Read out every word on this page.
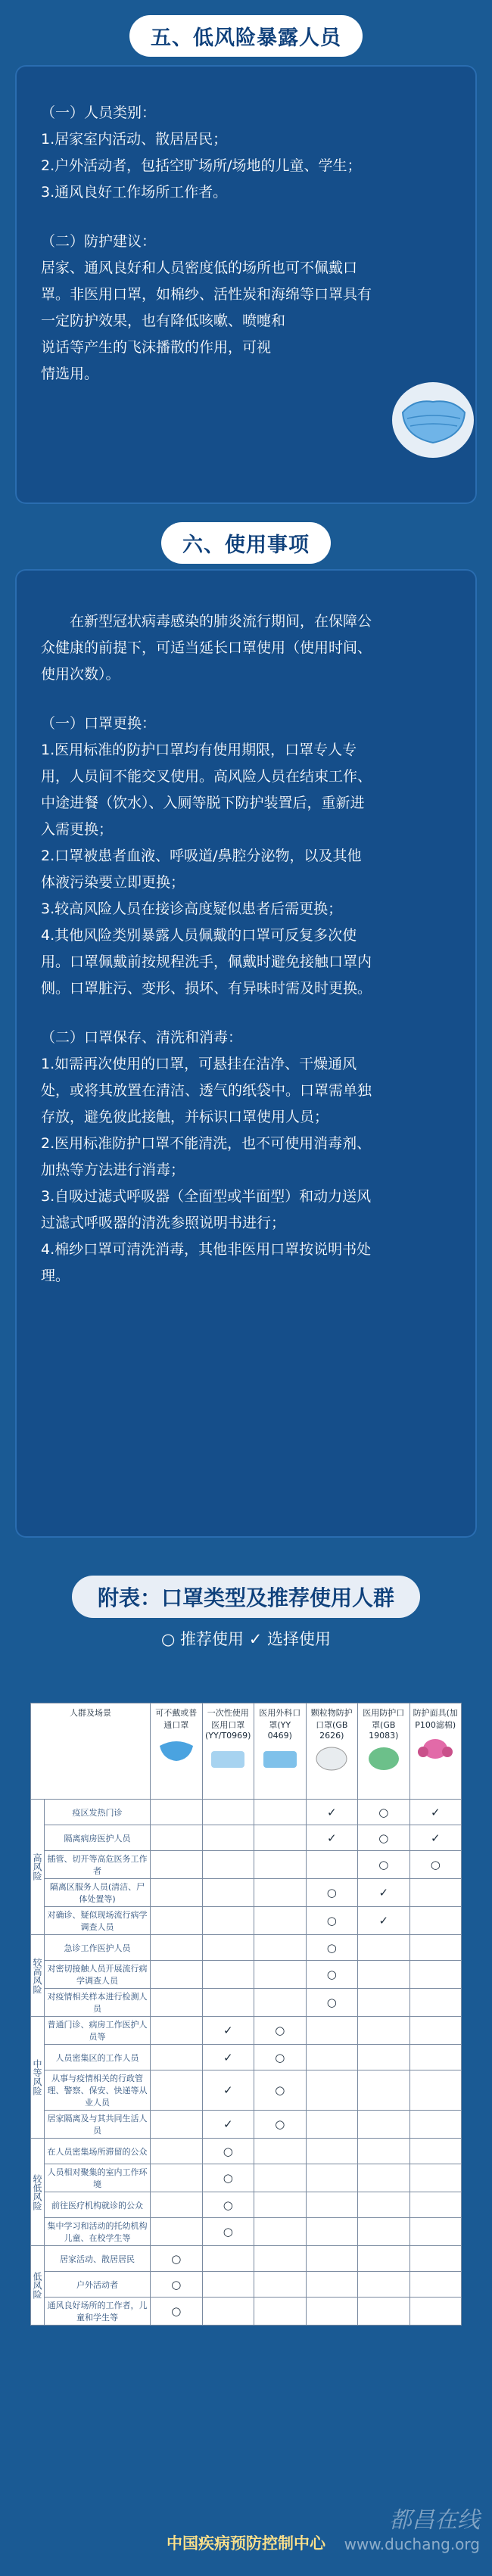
五、低风险暴露人员

（一）人员类别：

1.居家室内活动、散居居民；

2.户外活动者，包括空旷场所/场地的儿童、学生；

3.通风良好工作场所工作者。

（二）防护建议：

居家、通风良好和人员密度低的场所也可不佩戴口

罩。非医用口罩，如棉纱、活性炭和海绵等口罩具有

一定防护效果，也有降低咳嗽、喷嚏和

说话等产生的飞沫播散的作用，可视

情选用。

六、使用事项

在新型冠状病毒感染的肺炎流行期间，在保障公

众健康的前提下，可适当延长口罩使用（使用时间、

使用次数）。

（一）口罩更换：

1.医用标准的防护口罩均有使用期限，口罩专人专

用，人员间不能交叉使用。高风险人员在结束工作、

中途进餐（饮水）、入厕等脱下防护装置后，重新进

入需更换；

2.口罩被患者血液、呼吸道/鼻腔分泌物，以及其他

体液污染要立即更换；

3.较高风险人员在接诊高度疑似患者后需更换；

4.其他风险类别暴露人员佩戴的口罩可反复多次使

用。口罩佩戴前按规程洗手，佩戴时避免接触口罩内

侧。口罩脏污、变形、损坏、有异味时需及时更换。

（二）口罩保存、清洗和消毒：

1.如需再次使用的口罩，可悬挂在洁净、干燥通风

处，或将其放置在清洁、透气的纸袋中。口罩需单独

存放，避免彼此接触，并标识口罩使用人员；

2.医用标准防护口罩不能清洗，也不可使用消毒剂、

加热等方法进行消毒；

3.自吸过滤式呼吸器（全面型或半面型）和动力送风

过滤式呼吸器的清洗参照说明书进行；

4.棉纱口罩可清洗消毒，其他非医用口罩按说明书处

理。

附表：口罩类型及推荐使用人群
○ 推荐使用 ✓ 选择使用
人群及场景		可不戴或普通口罩	一次性使用医用口罩(YY/T0969)	医用外科口罩(YY 0469)	颗粒物防护口罩(GB 2626)	医用防护口罩(GB 19083)	防护面具(加P100滤棉)

高风险	疫区发热门诊				✓	○	✓
	隔离病房医护人员				✓	○	✓
	插管、切开等高危医务工作者					○	○
	隔离区服务人员(清洁、尸体处置等)				○	✓	
	对确诊、疑似现场流行病学调查人员				○	✓	
较高风险	急诊工作医护人员				○		
	对密切接触人员开展流行病学调查人员				○		
	对疫情相关样本进行检测人员				○		
中等风险	普通门诊、病房工作医护人员等		✓	○			
	人员密集区的工作人员		✓	○			
	从事与疫情相关的行政管理、警察、保安、快递等从业人员		✓	○			
	居家隔离及与其共同生活人员		✓	○			
较低风险	在人员密集场所滞留的公众		○				
	人员相对聚集的室内工作环境		○				
	前往医疗机构就诊的公众		○				
	集中学习和活动的托幼机构儿童、在校学生等		○				
低风险	居家活动、散居居民	○					
	户外活动者	○					
	通风良好场所的工作者，儿童和学生等	○					
中国疾病预防控制中心
都昌在线
www.duchang.org
